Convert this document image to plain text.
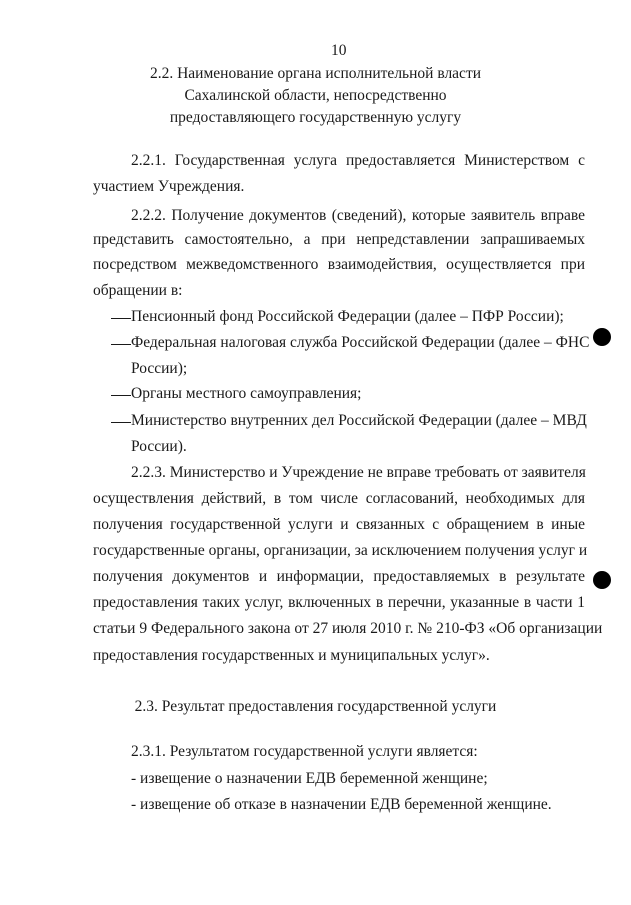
10
2.2. Наименование органа исполнительной власти
Сахалинской области, непосредственно
предоставляющего государственную услугу
2.2.1. Государственная услуга предоставляется Министерством с
участием Учреждения.
2.2.2. Получение документов (сведений), которые заявитель вправе
представить самостоятельно, а при непредставлении запрашиваемых
посредством межведомственного взаимодействия, осуществляется при
обращении в:
Пенсионный фонд Российской Федерации (далее – ПФР России);
Федеральная налоговая служба Российской Федерации (далее – ФНС
России);
Органы местного самоуправления;
Министерство внутренних дел Российской Федерации (далее – МВД
России).
2.2.3. Министерство и Учреждение не вправе требовать от заявителя
осуществления действий, в том числе согласований, необходимых для
получения государственной услуги и связанных с обращением в иные
государственные органы, организации, за исключением получения услуг и
получения документов и информации, предоставляемых в результате
предоставления таких услуг, включенных в перечни, указанные в части 1
статьи 9 Федерального закона от 27 июля 2010 г. № 210-ФЗ «Об организации
предоставления государственных и муниципальных услуг».
2.3. Результат предоставления государственной услуги
2.3.1. Результатом государственной услуги является:
- извещение о назначении ЕДВ беременной женщине;
- извещение об отказе в назначении ЕДВ беременной женщине.
